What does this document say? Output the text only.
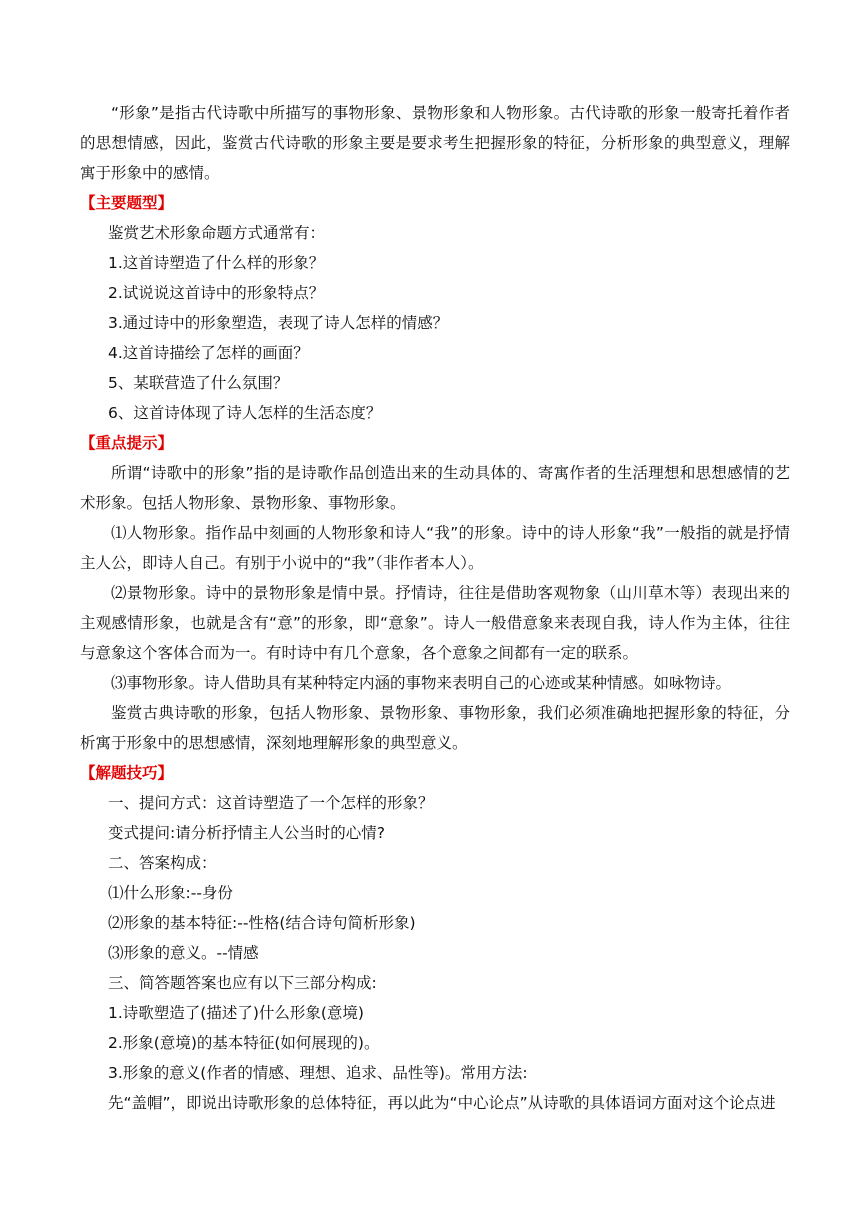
“形象”是指古代诗歌中所描写的事物形象、景物形象和人物形象。古代诗歌的形象一般寄托着作者的思想情感，因此，鉴赏古代诗歌的形象主要是要求考生把握形象的特征，分析形象的典型意义，理解寓于形象中的感情。

【主要题型】

鉴赏艺术形象命题方式通常有：

1.这首诗塑造了什么样的形象？

2.试说说这首诗中的形象特点？

3.通过诗中的形象塑造，表现了诗人怎样的情感？

4.这首诗描绘了怎样的画面？

5、某联营造了什么氛围？

6、这首诗体现了诗人怎样的生活态度？

【重点提示】

所谓“诗歌中的形象”指的是诗歌作品创造出来的生动具体的、寄寓作者的生活理想和思想感情的艺术形象。包括人物形象、景物形象、事物形象。

⑴人物形象。指作品中刻画的人物形象和诗人“我”的形象。诗中的诗人形象“我”一般指的就是抒情主人公，即诗人自己。有别于小说中的“我”（非作者本人）。

⑵景物形象。诗中的景物形象是情中景。抒情诗，往往是借助客观物象（山川草木等）表现出来的主观感情形象，也就是含有“意”的形象，即“意象”。诗人一般借意象来表现自我，诗人作为主体，往往与意象这个客体合而为一。有时诗中有几个意象，各个意象之间都有一定的联系。

⑶事物形象。诗人借助具有某种特定内涵的事物来表明自己的心迹或某种情感。如咏物诗。

鉴赏古典诗歌的形象，包括人物形象、景物形象、事物形象，我们必须准确地把握形象的特征，分析寓于形象中的思想感情，深刻地理解形象的典型意义。

【解题技巧】

一、提问方式：这首诗塑造了一个怎样的形象？

变式提问:请分析抒情主人公当时的心情?

二、答案构成：

⑴什么形象:--身份

⑵形象的基本特征:--性格(结合诗句简析形象)

⑶形象的意义。--情感

三、简答题答案也应有以下三部分构成:

1.诗歌塑造了(描述了)什么形象(意境)

2.形象(意境)的基本特征(如何展现的)。

3.形象的意义(作者的情感、理想、追求、品性等)。常用方法:

先“盖帽”，即说出诗歌形象的总体特征，再以此为“中心论点”从诗歌的具体语词方面对这个论点进
